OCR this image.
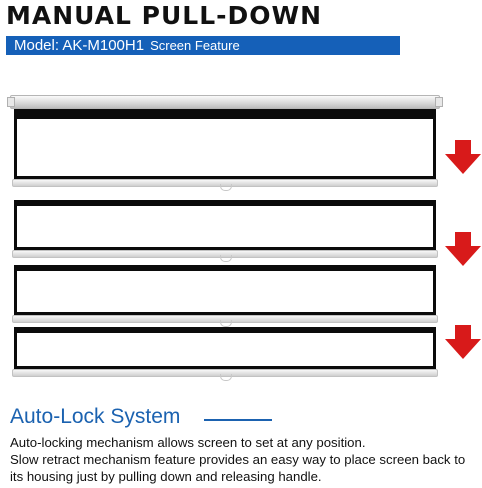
MANUAL PULL-DOWN
Model: AK-M100H1 Screen Feature
Auto-Lock System

Auto-locking mechanism allows screen to set at any position.
Slow retract mechanism feature provides an easy way to place screen back to
its housing just by pulling down and releasing handle.
